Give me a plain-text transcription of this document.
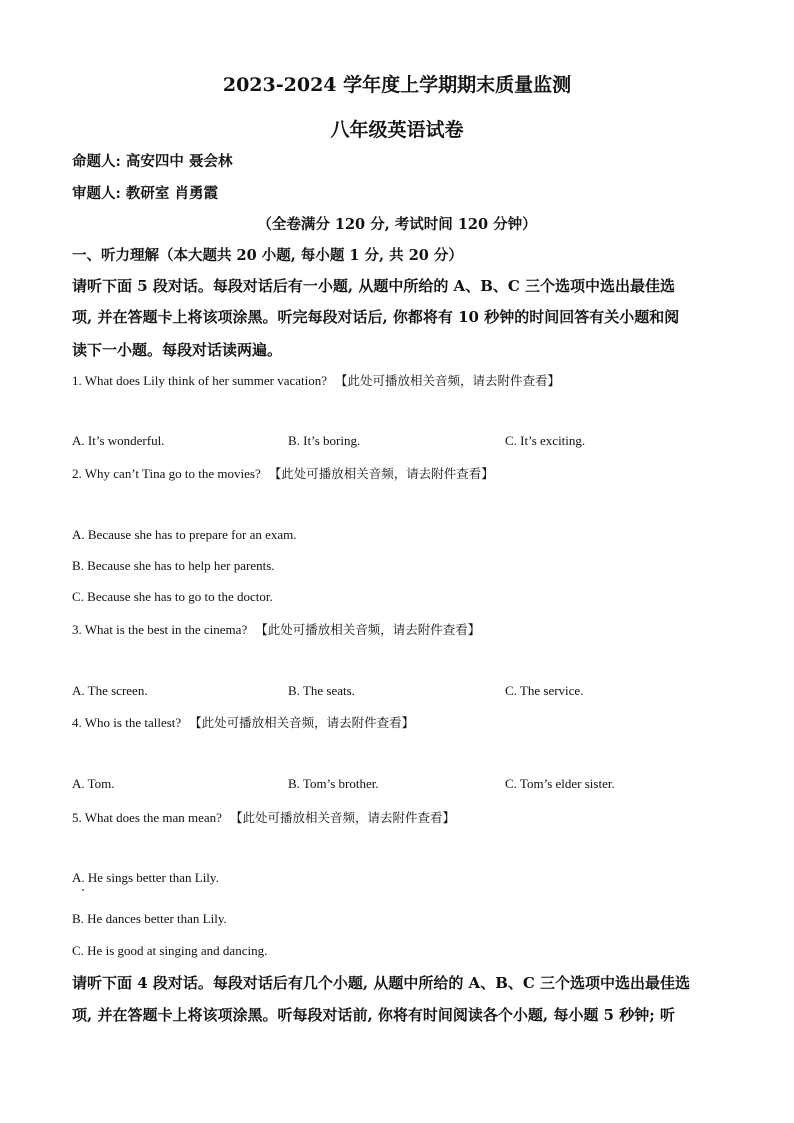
2023-2024 学年度上学期期末质量监测
八年级英语试卷
命题人: 高安四中 聂会林
审题人: 教研室 肖勇霞
（全卷满分 120 分, 考试时间 120 分钟）
一、听力理解（本大题共 20 小题, 每小题 1 分, 共 20 分）
请听下面 5 段对话。每段对话后有一小题, 从题中所给的 A、B、C 三个选项中选出最佳选
项, 并在答题卡上将该项涂黑。听完每段对话后, 你都将有 10 秒钟的时间回答有关小题和阅
读下一小题。每段对话读两遍。
1. What does Lily think of her summer vacation? 【此处可播放相关音频，请去附件查看】
A. It’s wonderful.	B. It’s boring.	C. It’s exciting.
2. Why can’t Tina go to the movies? 【此处可播放相关音频，请去附件查看】
A. Because she has to prepare for an exam.
B. Because she has to help her parents.
C. Because she has to go to the doctor.
3. What is the best in the cinema? 【此处可播放相关音频，请去附件查看】
A. The screen.	B. The seats.	C. The service.
4. Who is the tallest? 【此处可播放相关音频，请去附件查看】
A. Tom.	B. Tom’s brother.	C. Tom’s elder sister.
5. What does the man mean? 【此处可播放相关音频，请去附件查看】
A. He sings better than Lily.
B. He dances better than Lily.
C. He is good at singing and dancing.
请听下面 4 段对话。每段对话后有几个小题, 从题中所给的 A、B、C 三个选项中选出最佳选
项, 并在答题卡上将该项涂黑。听每段对话前, 你将有时间阅读各个小题, 每小题 5 秒钟; 听
